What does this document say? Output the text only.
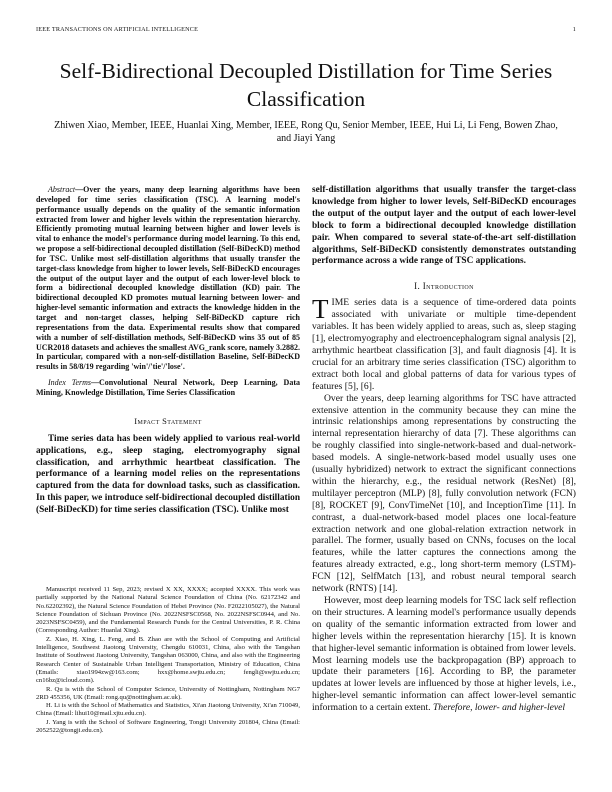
IEEE TRANSACTIONS ON ARTIFICIAL INTELLIGENCE	1
Self-Bidirectional Decoupled Distillation for Time Series Classification
Zhiwen Xiao, Member, IEEE, Huanlai Xing, Member, IEEE, Rong Qu, Senior Member, IEEE, Hui Li, Li Feng, Bowen Zhao, and Jiayi Yang

Abstract—Over the years, many deep learning algorithms have been developed for time series classification (TSC). A learning model's performance usually depends on the quality of the semantic information extracted from lower and higher levels within the representation hierarchy. Efficiently promoting mutual learning between higher and lower levels is vital to enhance the model's performance during model learning. To this end, we propose a self-bidirectional decoupled distillation (Self-BiDecKD) method for TSC. Unlike most self-distillation algorithms that usually transfer the target-class knowledge from higher to lower levels, Self-BiDecKD encourages the output of the output layer and the output of each lower-level block to form a bidirectional decoupled knowledge distillation (KD) pair. The bidirectional decoupled KD promotes mutual learning between lower- and higher-level semantic information and extracts the knowledge hidden in the target and non-target classes, helping Self-BiDecKD capture rich representations from the data. Experimental results show that compared with a number of self-distillation methods, Self-BiDecKD wins 35 out of 85 UCR2018 datasets and achieves the smallest AVG_rank score, namely 3.2882. In particular, compared with a non-self-distillation Baseline, Self-BiDecKD results in 58/8/19 regarding 'win'/'tie'/'lose'.

Index Terms—Convolutional Neural Network, Deep Learning, Data Mining, Knowledge Distillation, Time Series Classification

Impact Statement

Time series data has been widely applied to various real-world applications, e.g., sleep staging, electromyography signal classification, and arrhythmic heartbeat classification. The performance of a learning model relies on the representations captured from the data for download tasks, such as classification. In this paper, we introduce self-bidirectional decoupled distillation (Self-BiDecKD) for time series classification (TSC). Unlike most

Manuscript received 11 Sep, 2023; revised X XX, XXXX; accepted XXXX. This work was partially supported by the National Natural Science Foundation of China (No. 62172342 and No.62202392), the Natural Science Foundation of Hebei Province (No. F2022105027), the Natural Science Foundation of Sichuan Province (No. 2022NSFSC0568, No. 2022NSFSC0944, and No. 2023NSFSC0459), and the Fundamental Research Funds for the Central Universities, P. R. China (Corresponding Author: Huanlai Xing).

Z. Xiao, H. Xing, L. Feng, and B. Zhao are with the School of Computing and Artificial Intelligence, Southwest Jiaotong University, Chengdu 610031, China, also with the Tangshan Institute of Southwest Jiaotong University, Tangshan 063000, China, and also with the Engineering Research Center of Sustainable Urban Intelligent Transportation, Ministry of Education, China (Emails: xiao1994zw@163.com; hxx@home.swjtu.edu.cn; fengli@swjtu.edu.cn; cn16bz@icloud.com).

R. Qu is with the School of Computer Science, University of Nottingham, Nottingham NG7 2RD 455356, UK (Email: rong.qu@nottingham.ac.uk).

H. Li is with the School of Mathematics and Statistics, Xi'an Jiaotong University, Xi'an 710049, China (Email: lihui10@mail.xjtu.edu.cn).

J. Yang is with the School of Software Engineering, Tongji University 201804, China (Email: 2052522@tongji.edu.cn).

self-distillation algorithms that usually transfer the target-class knowledge from higher to lower levels, Self-BiDecKD encourages the output of the output layer and the output of each lower-level block to form a bidirectional decoupled knowledge distillation pair. When compared to several state-of-the-art self-distillation algorithms, Self-BiDecKD consistently demonstrates outstanding performance across a wide range of TSC applications.

I. Introduction

TIME series data is a sequence of time-ordered data points associated with univariate or multiple time-dependent variables. It has been widely applied to areas, such as, sleep staging [1], electromyography and electroencephalogram signal analysis [2], arrhythmic heartbeat classification [3], and fault diagnosis [4]. It is crucial for an arbitrary time series classification (TSC) algorithm to extract both local and global patterns of data for various types of features [5], [6].

Over the years, deep learning algorithms for TSC have attracted extensive attention in the community because they can mine the intrinsic relationships among representations by constructing the internal representation hierarchy of data [7]. These algorithms can be roughly classified into single-network-based and dual-network-based models. A single-network-based model usually uses one (usually hybridized) network to extract the significant connections within the hierarchy, e.g., the residual network (ResNet) [8], multilayer perceptron (MLP) [8], fully convolution network (FCN) [8], ROCKET [9], ConvTimeNet [10], and InceptionTime [11]. In contrast, a dual-network-based model places one local-feature extraction network and one global-relation extraction network in parallel. The former, usually based on CNNs, focuses on the local features, while the latter captures the connections among the features already extracted, e.g., long short-term memory (LSTM)-FCN [12], SelfMatch [13], and robust neural temporal search network (RNTS) [14].

However, most deep learning models for TSC lack self reflection on their structures. A learning model's performance usually depends on quality of the semantic information extracted from lower and higher levels within the representation hierarchy [15]. It is known that higher-level semantic information is obtained from lower levels. Most learning models use the backpropagation (BP) approach to update their parameters [16]. According to BP, the parameter updates at lower levels are influenced by those at higher levels, i.e., higher-level semantic information can affect lower-level semantic information to a certain extent. Therefore, lower- and higher-level
